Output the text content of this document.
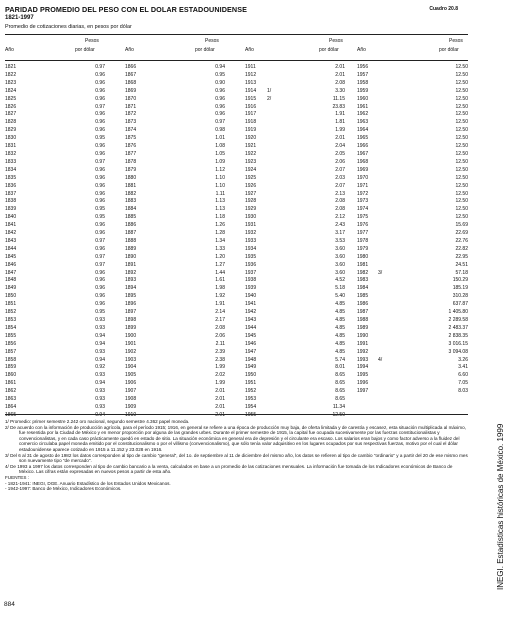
PARIDAD PROMEDIO DEL PESO CON EL DOLAR ESTADOUNIDENSE	Cuadro 20.8
1821-1997
Promedio de cotizaciones diarias, en pesos por dólar
Año
Pesos
por dólar	Año
Pesos
por dólar	Año
Pesos
por dólar	Año
Pesos
por dólar
1821	0.97	1866	0.94	1911	2.01 1956	12.50
1822	0.96	1867	0.95	1912	2.01 1957	12.50
1823	0.96	1868	0.90	1913	2.08 1958	12.50
1824	0.96	1869	0.96	1914 1/	3.30 1959	12.50
1825	0.96	1870	0.96	1915 2/	11.15 1960	12.50
1826	0.97	1871	0.96	1916	23.83 1961	12.50
1827	0.96	1872	0.96	1917	1.91 1962	12.50
1828	0.96	1873	0.97	1918	1.81 1963	12.50
1829	0.96	1874	0.98	1919	1.99 1964	12.50
1830	0.95	1875	1.01	1920	2.01 1965	12.50
1831	0.96	1876	1.08	1921	2.04 1966	12.50
1832	0.96	1877	1.05	1922	2.05 1967	12.50
1833	0.97	1878	1.09	1923	2.06 1968	12.50
1834	0.96	1879	1.12	1924	2.07 1969	12.50
1835	0.96	1880	1.10	1925	2.03 1970	12.50
1836	0.96	1881	1.10	1926	2.07 1971	12.50
1837	0.96	1882	1.11	1927	2.13 1972	12.50
1838	0.96	1883	1.13	1928	2.08 1973	12.50
1839	0.95	1884	1.13	1929	2.08 1974	12.50
1840	0.95	1885	1.18	1930	2.12 1975	12.50
1841	0.96	1886	1.26	1931	2.43 1976	15.69
1842	0.96	1887	1.28	1932	3.17 1977	22.69
1843	0.97	1888	1.34	1933	3.53 1978	22.76
1844	0.96	1889	1.33	1934	3.60 1979	22.82
1845	0.97	1890	1.20	1935	3.60 1980	22.95
1846	0.97	1891	1.27	1936	3.60 1981	24.51
1847	0.96	1892	1.44	1937	3.60 1982 3/	57.18
1848	0.96	1893	1.61	1938	4.52 1983	150.29
1849	0.96	1894	1.98	1939	5.18 1984	185.19
1850	0.96	1895	1.92	1940	5.40 1985	310.28
1851	0.96	1896	1.91	1941	4.85 1986	637.87
1852	0.95	1897	2.14	1942	4.85 1987	1 405.80
1853	0.93	1898	2.17	1943	4.85 1988	2 289.58
1854	0.93	1899	2.08	1944	4.85 1989	2 483.37
1855	0.94	1900	2.06	1945	4.85 1990	2 838.35
1856	0.94	1901	2.11	1946	4.85 1991	3 016.15
1857	0.93	1902	2.39	1947	4.85 1992	3 094.08
1858	0.94	1903	2.38	1948	5.74 1993 4/	3.26
1859	0.92	1904	1.99	1949	8.01 1994	3.41
1860	0.93	1905	2.02	1950	8.65 1995	6.60
1861	0.94	1906	1.99	1951	8.65 1996	7.05
1862	0.93	1907	2.01	1952	8.65 1997	8.03
1863	0.93	1908	2.01	1953	8.65
1864	0.93	1909	2.01	1954	11.34
1865	0.94	1910	2.01	1955	12.50

1/ Promedio: primer semestre 2.242 oro nacional, segundo semestre 4.362 papel moneda.

2/ De acuerdo con la información de producción agrícola, para el período 1915; 1916, en general se refiere a una época de producción muy baja, de oferta limitada y de carestía y escasez, esta situación multiplicada al máximo, fue resentida por la Ciudad de México y en menor proporción por alguna de las grandes urbes. Durante el primer semestre de 1915, la capital fue ocupada sucesivamente por las fuerzas constitucionalistas y convencionalistas, y en cada caso prácticamente quedó en estado de sitio. La situación económica en general era de depresión y el circulante era escaso. Los salarios eran bajos y como factor adverso a la fluidez del comercio circulaba papel moneda emitido por el constitucionalismo o por el villismo (convencionalismo), que sólo tenía valor adquisitivo en los lugares ocupados por sus respectivas fuerzas, motivo por el cual el dólar estadounidense aparece cotizado en 1915 a 11.152 y 23.028 en 1916.

3/ Del 6 al 31 de agosto de 1982 los datos corresponden al tipo de cambio "general", del 1o. de septiembre al 11 de diciembre del mismo año, los datos se refieren al tipo de cambio "ordinario" y a partir del 20 de ese mismo mes son nuevamente tipo "de mercado".

4/ De 1993 a 1997 los datos corresponden al tipo de cambio bancario a la venta, calculados en base a un promedio de las cotizaciones mensuales. La información fue tomada de los Indicadores económicos de Banco de México. Las cifras están expresadas en nuevos pesos a partir de esta año.

FUENTES :

- 1821-1941: INEGI, DGE. Anuario Estadístico de los Estados Unidos Mexicanos.

- 1942-1997: Banco de México, Indicadores Económicos.

884
INEGI. Estadísticas históricas de México. 1999
